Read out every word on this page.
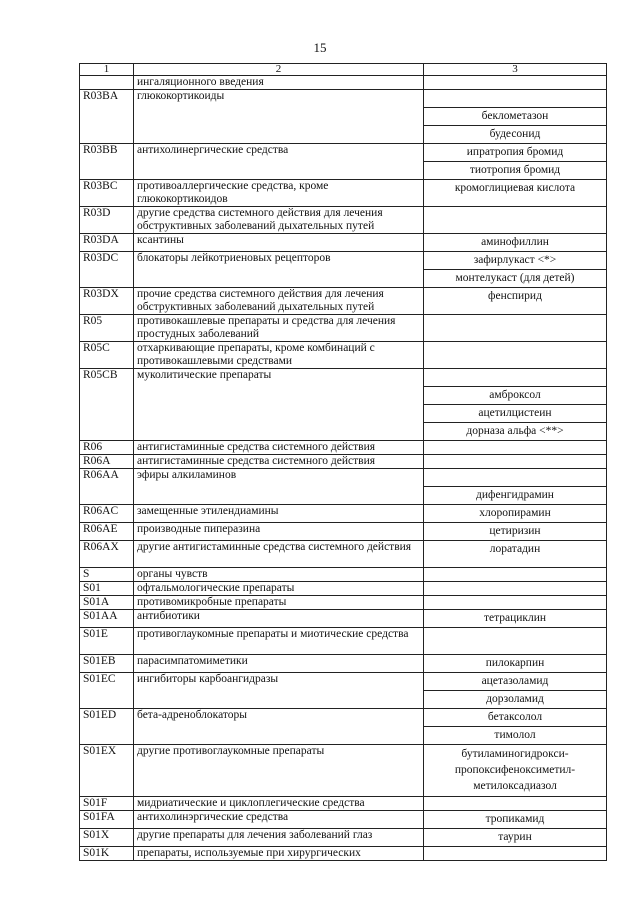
15
1	2	3

	ингаляционного введения	

R03BA	глюкокортикоиды	беклометазон
будесонид

R03BB	антихолинергические средства	ипратропия бромид
тиотропия бромид

R03BC	противоаллергические средства, кроме глюкокортикоидов	кромоглициевая кислота

R03D	другие средства системного действия для лечения обструктивных заболеваний дыхательных путей	

R03DA	ксантины	аминофиллин

R03DC	блокаторы лейкотриеновых рецепторов	зафирлукаст <*>
монтелукаст (для детей)

R03DX	прочие средства системного действия для лечения обструктивных заболеваний дыхательных путей	фенспирид

R05	противокашлевые препараты и средства для лечения простудных заболеваний	

R05C	отхаркивающие препараты, кроме комбинаций с противокашлевыми средствами	

R05CB	муколитические препараты	амброксол
ацетилцистеин
дорназа альфа <**>

R06	антигистаминные средства системного действия	

R06A	антигистаминные средства системного действия	

R06AA	эфиры алкиламинов	дифенгидрамин

R06AC	замещенные этилендиамины	хлоропирамин

R06AE	производные пиперазина	цетиризин

R06AX	другие антигистаминные средства системного действия	лоратадин

S	органы чувств	

S01	офтальмологические препараты	

S01A	противомикробные препараты	

S01AA	антибиотики	тетрациклин

S01E	противоглаукомные препараты и миотические средства	

S01EB	парасимпатомиметики	пилокарпин

S01EC	ингибиторы карбоангидразы	ацетазоламид
дорзоламид

S01ED	бета-адреноблокаторы	бетаксолол
тимолол

S01EX	другие противоглаукомные препараты	бутиламиногидрокси-пропоксифеноксиметил-метилоксадиазол

S01F	мидриатические и циклоплегические средства	

S01FA	антихолинэргические средства	тропикамид

S01X	другие препараты для лечения заболеваний глаз	таурин

S01K	препараты, используемые при хирургических	
